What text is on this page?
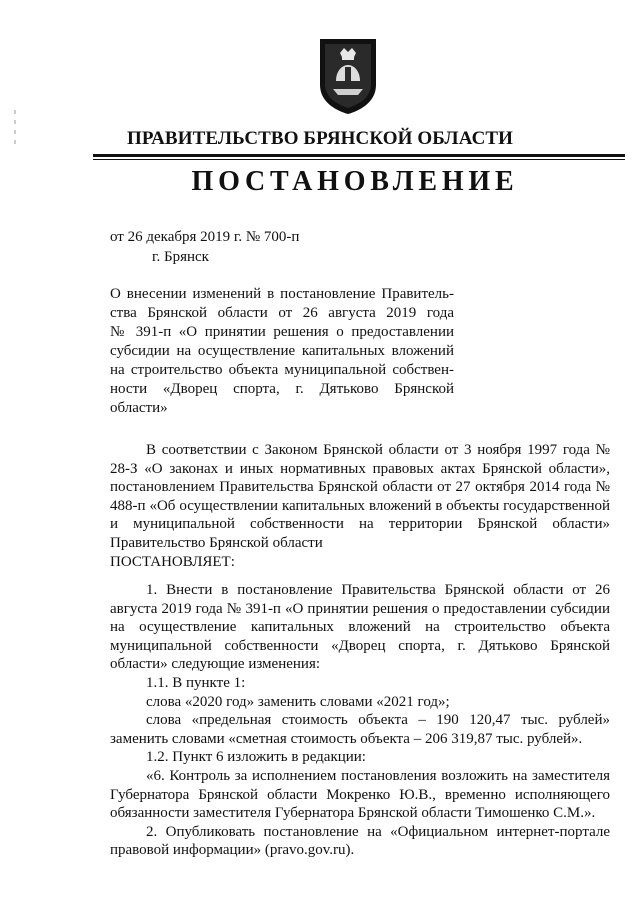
ПРАВИТЕЛЬСТВО БРЯНСКОЙ ОБЛАСТИ
ПОСТАНОВЛЕНИЕ
от 26 декабря 2019 г. № 700-п
г. Брянск
О внесении изменений в постановление Правитель-
ства Брянской области от 26 августа 2019 года
№ 391-п «О принятии решения о предоставлении
субсидии на осуществление капитальных вложений
на строительство объекта муниципальной собствен-
ности «Дворец спорта, г. Дятьково Брянской
области»

В соответствии с Законом Брянской области от 3 ноября 1997 года № 28-З «О законах и иных нормативных правовых актах Брянской области», постановлением Правительства Брянской области от 27 октября 2014 года № 488-п «Об осуществлении капитальных вложений в объекты государственной и муниципальной собственности на территории Брянской области» Правительство Брянской области

ПОСТАНОВЛЯЕТ:

1. Внести в постановление Правительства Брянской области от 26 августа 2019 года № 391-п «О принятии решения о предоставлении субсидии на осуществление капитальных вложений на строительство объекта муниципальной собственности «Дворец спорта, г. Дятьково Брянской области» следующие изменения:

1.1. В пункте 1:

слова «2020 год» заменить словами «2021 год»;

слова «предельная стоимость объекта – 190 120,47 тыс. рублей» заменить словами «сметная стоимость объекта – 206 319,87 тыс. рублей».

1.2. Пункт 6 изложить в редакции:

«6. Контроль за исполнением постановления возложить на заместителя Губернатора Брянской области Мокренко Ю.В., временно исполняющего обязанности заместителя Губернатора Брянской области Тимошенко С.М.».

2. Опубликовать постановление на «Официальном интернет-портале правовой информации» (pravo.gov.ru).
